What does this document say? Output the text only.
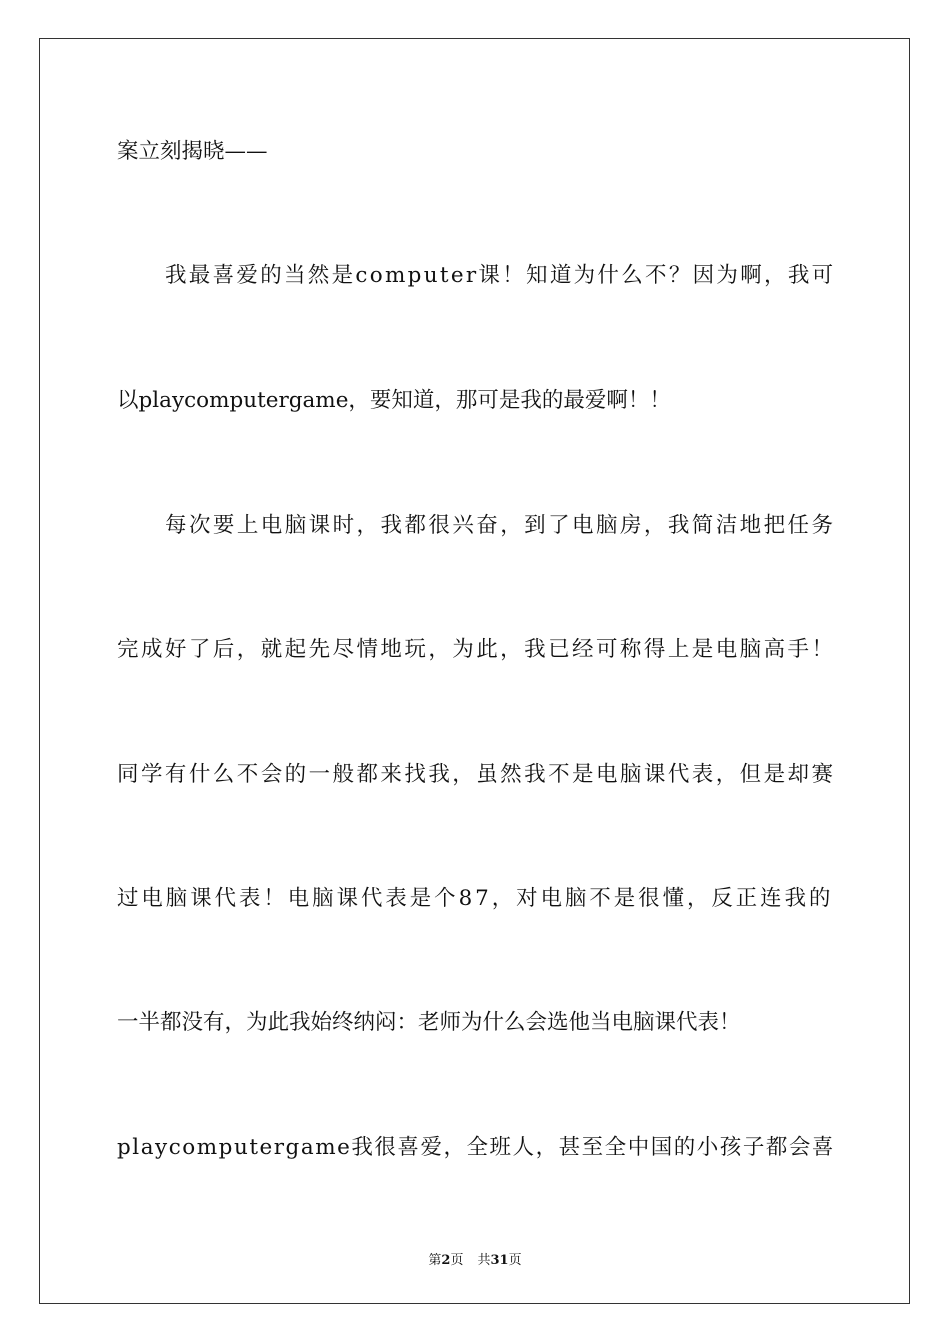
案立刻揭晓——
我最喜爱的当然是computer课！知道为什么不？因为啊，我可
以playcomputergame，要知道，那可是我的最爱啊！！
每次要上电脑课时，我都很兴奋，到了电脑房，我简洁地把任务
完成好了后，就起先尽情地玩，为此，我已经可称得上是电脑高手！
同学有什么不会的一般都来找我，虽然我不是电脑课代表，但是却赛
过电脑课代表！电脑课代表是个87，对电脑不是很懂，反正连我的
一半都没有，为此我始终纳闷：老师为什么会选他当电脑课代表！
playcomputergame我很喜爱，全班人，甚至全中国的小孩子都会喜
第2页 共31页
